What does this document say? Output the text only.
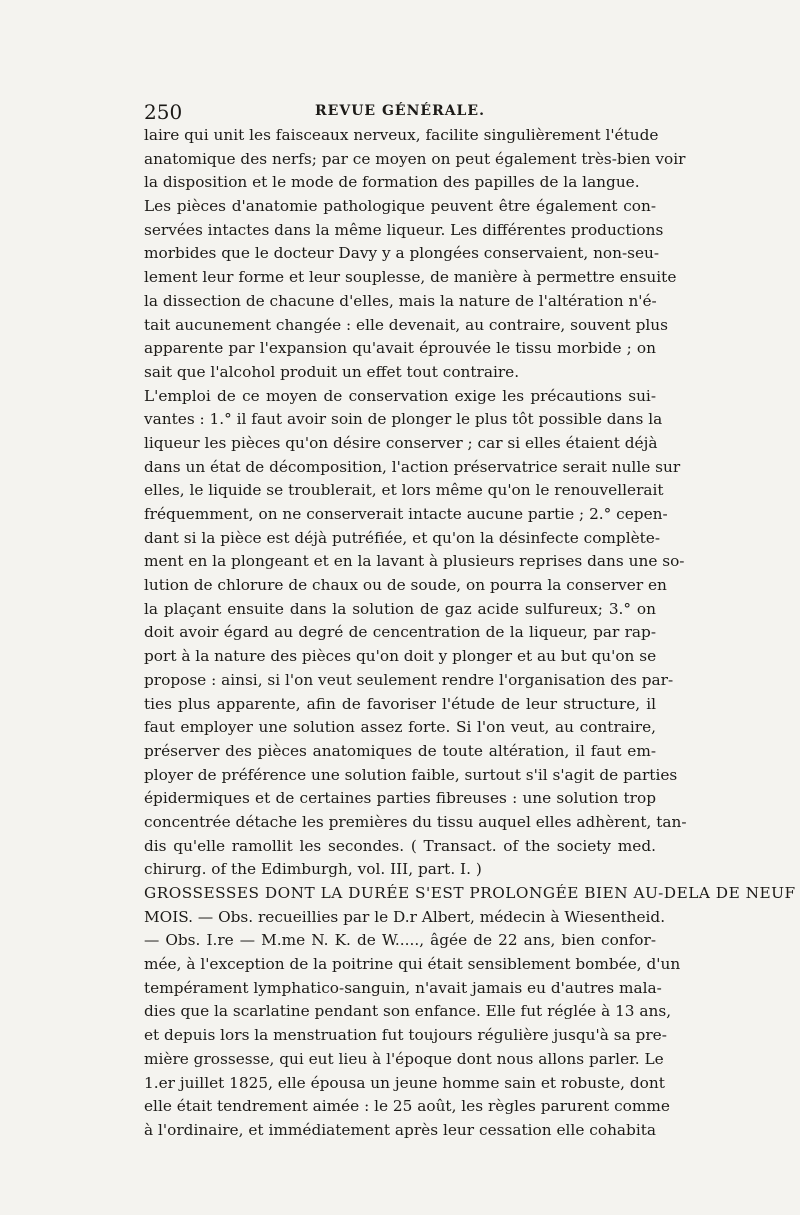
250	REVUE GÉNÉRALE.
laire qui unit les faisceaux nerveux, facilite singulièrement l'étude
anatomique des nerfs; par ce moyen on peut également très-bien voir
la disposition et le mode de formation des papilles de la langue.
Les pièces d'anatomie pathologique peuvent être également con-
servées intactes dans la même liqueur. Les différentes productions
morbides que le docteur Davy y a plongées conservaient, non-seu-
lement leur forme et leur souplesse, de manière à permettre ensuite
la dissection de chacune d'elles, mais la nature de l'altération n'é-
tait aucunement changée : elle devenait, au contraire, souvent plus
apparente par l'expansion qu'avait éprouvée le tissu morbide ; on
sait que l'alcohol produit un effet tout contraire.
L'emploi de ce moyen de conservation exige les précautions sui-
vantes : 1.° il faut avoir soin de plonger le plus tôt possible dans la
liqueur les pièces qu'on désire conserver ; car si elles étaient déjà
dans un état de décomposition, l'action préservatrice serait nulle sur
elles, le liquide se troublerait, et lors même qu'on le renouvellerait
fréquemment, on ne conserverait intacte aucune partie ; 2.° cepen-
dant si la pièce est déjà putréfiée, et qu'on la désinfecte complète-
ment en la plongeant et en la lavant à plusieurs reprises dans une so-
lution de chlorure de chaux ou de soude, on pourra la conserver en
la plaçant ensuite dans la solution de gaz acide sulfureux; 3.° on
doit avoir égard au degré de cencentration de la liqueur, par rap-
port à la nature des pièces qu'on doit y plonger et au but qu'on se
propose : ainsi, si l'on veut seulement rendre l'organisation des par-
ties plus apparente, afin de favoriser l'étude de leur structure, il
faut employer une solution assez forte. Si l'on veut, au contraire,
préserver des pièces anatomiques de toute altération, il faut em-
ployer de préférence une solution faible, surtout s'il s'agit de parties
épidermiques et de certaines parties fibreuses : une solution trop
concentrée détache les premières du tissu auquel elles adhèrent, tan-
dis qu'elle ramollit les secondes. ( Transact. of the society med.
chirurg. of the Edimburgh, vol. III, part. I. )
GROSSESSES DONT LA DURÉE S'EST PROLONGÉE BIEN AU-DELA DE NEUF
MOIS. — Obs. recueillies par le D.r Albert, médecin à Wiesentheid.
— Obs. I.re — M.me N. K. de W....., âgée de 22 ans, bien confor-
mée, à l'exception de la poitrine qui était sensiblement bombée, d'un
tempérament lymphatico-sanguin, n'avait jamais eu d'autres mala-
dies que la scarlatine pendant son enfance. Elle fut réglée à 13 ans,
et depuis lors la menstruation fut toujours régulière jusqu'à sa pre-
mière grossesse, qui eut lieu à l'époque dont nous allons parler. Le
1.er juillet 1825, elle épousa un jeune homme sain et robuste, dont
elle était tendrement aimée : le 25 août, les règles parurent comme
à l'ordinaire, et immédiatement après leur cessation elle cohabita
